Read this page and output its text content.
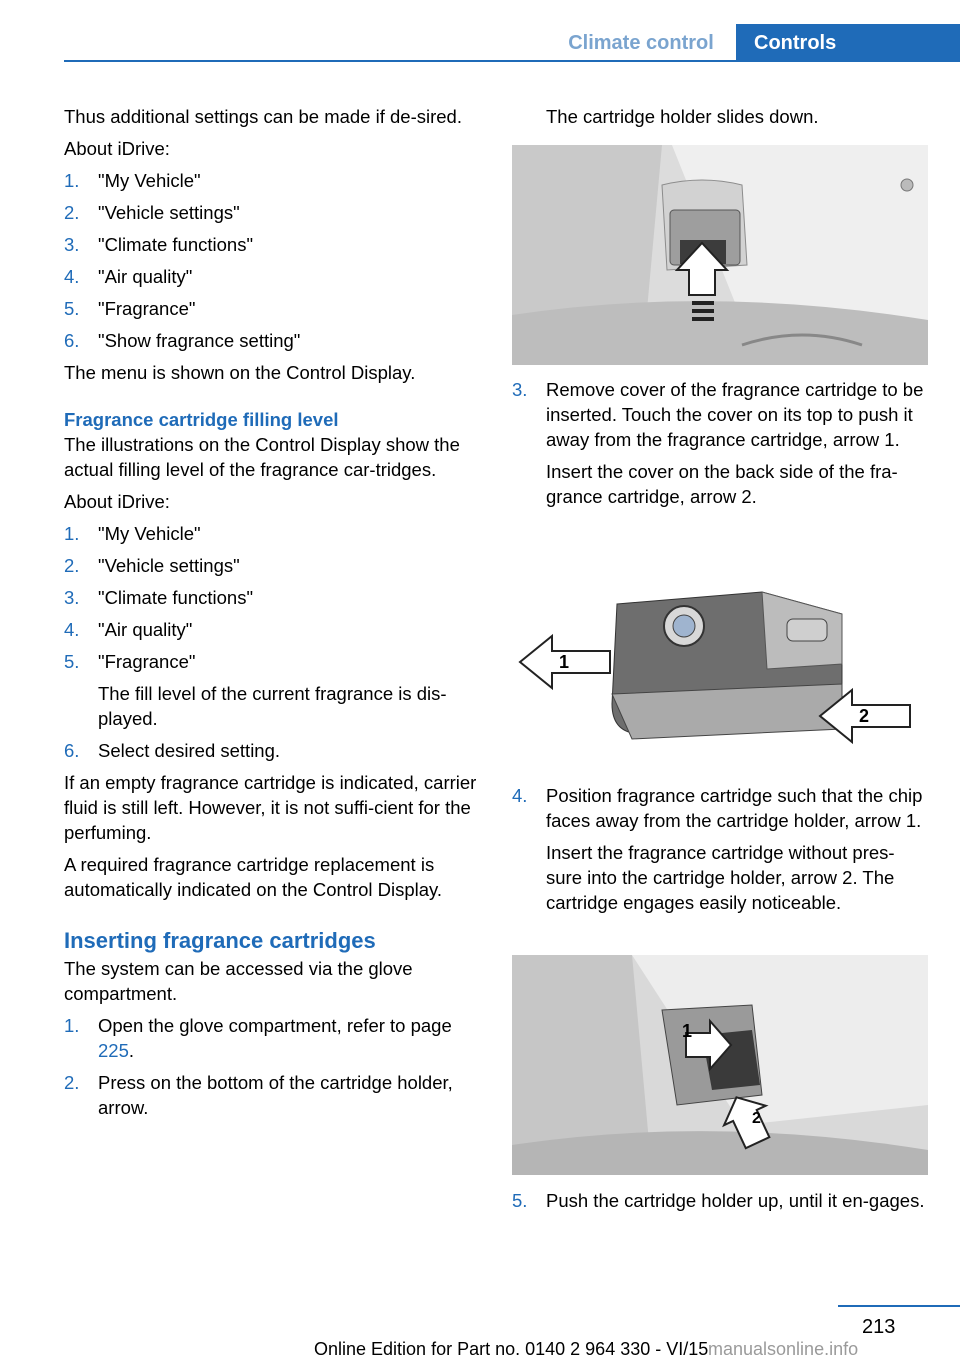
Climate control	Controls

Thus additional settings can be made if de‐sired.

About iDrive:

1. "My Vehicle"
2. "Vehicle settings"
3. "Climate functions"
4. "Air quality"
5. "Fragrance"
6. "Show fragrance setting"

The menu is shown on the Control Display.

Fragrance cartridge filling level

The illustrations on the Control Display show the actual filling level of the fragrance car‐tridges.

About iDrive:

1. "My Vehicle"
2. "Vehicle settings"
3. "Climate functions"
4. "Air quality"
5. "Fragrance"
The fill level of the current fragrance is dis‐played.
6. Select desired setting.

If an empty fragrance cartridge is indicated, carrier fluid is still left. However, it is not suffi‐cient for the perfuming.

A required fragrance cartridge replacement is automatically indicated on the Control Display.

Inserting fragrance cartridges

The system can be accessed via the glove compartment.

1. Open the glove compartment, refer to page 225.
2. Press on the bottom of the cartridge holder, arrow.

The cartridge holder slides down.

3. Remove cover of the fragrance cartridge to be inserted. Touch the cover on its top to push it away from the fragrance cartridge, arrow 1.
Insert the cover on the back side of the fra‐grance cartridge, arrow 2.
4. Position fragrance cartridge such that the chip faces away from the cartridge holder, arrow 1.
Insert the fragrance cartridge without pres‐sure into the cartridge holder, arrow 2. The cartridge engages easily noticeable.
5. Push the cartridge holder up, until it en‐gages.
1
2
1
2
213
Online Edition for Part no. 0140 2 964 330 - VI/15 manualsonline.info
